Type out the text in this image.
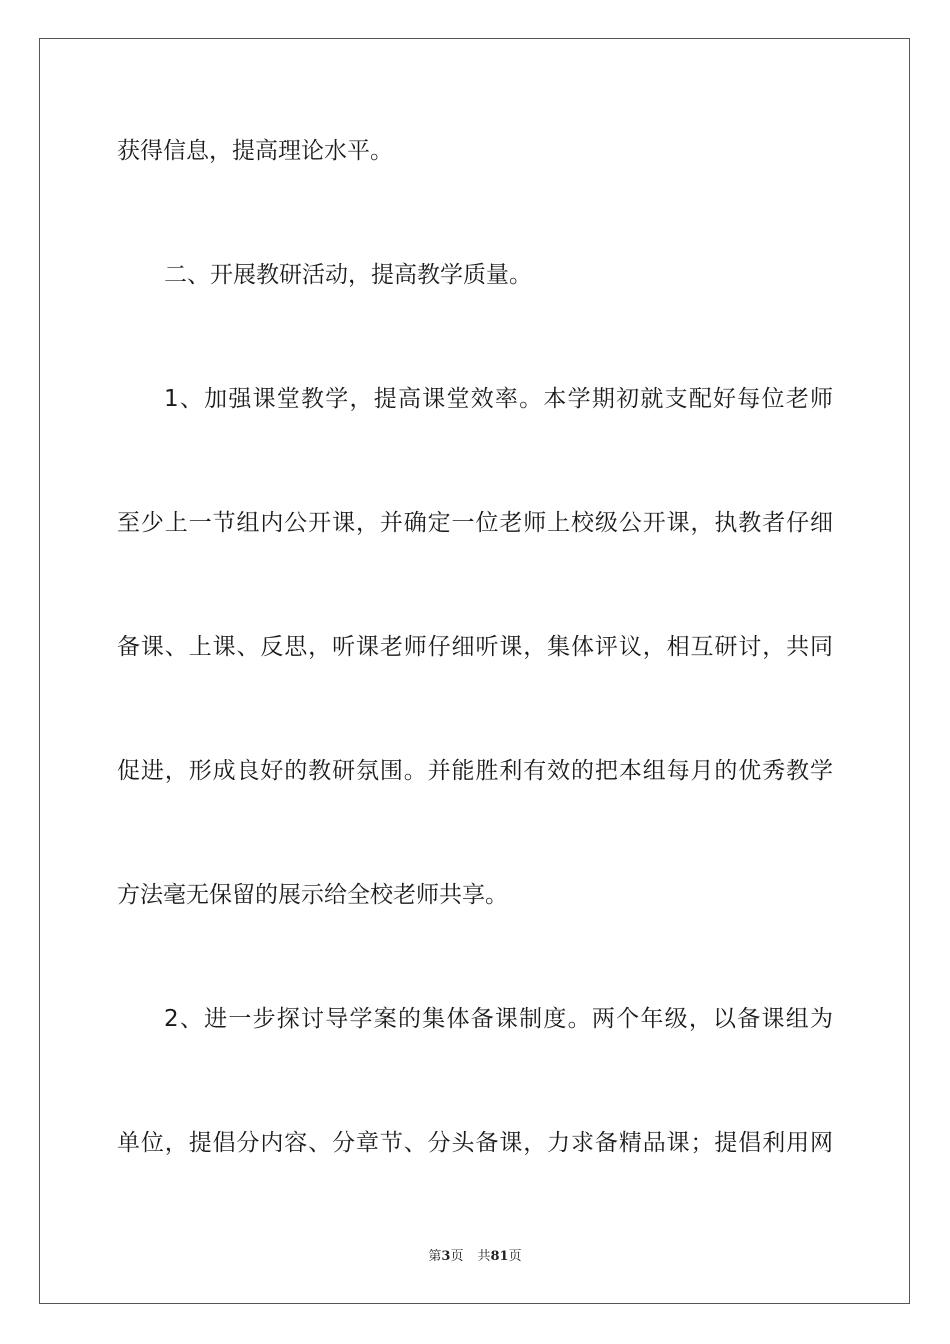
获得信息，提高理论水平。
二、开展教研活动，提高教学质量。
1、加强课堂教学，提高课堂效率。本学期初就支配好每位老师
至少上一节组内公开课，并确定一位老师上校级公开课，执教者仔细
备课、上课、反思，听课老师仔细听课，集体评议，相互研讨，共同
促进，形成良好的教研氛围。并能胜利有效的把本组每月的优秀教学
方法毫无保留的展示给全校老师共享。
2、进一步探讨导学案的集体备课制度。两个年级，以备课组为
单位，提倡分内容、分章节、分头备课，力求备精品课；提倡利用网
第3页 共81页
